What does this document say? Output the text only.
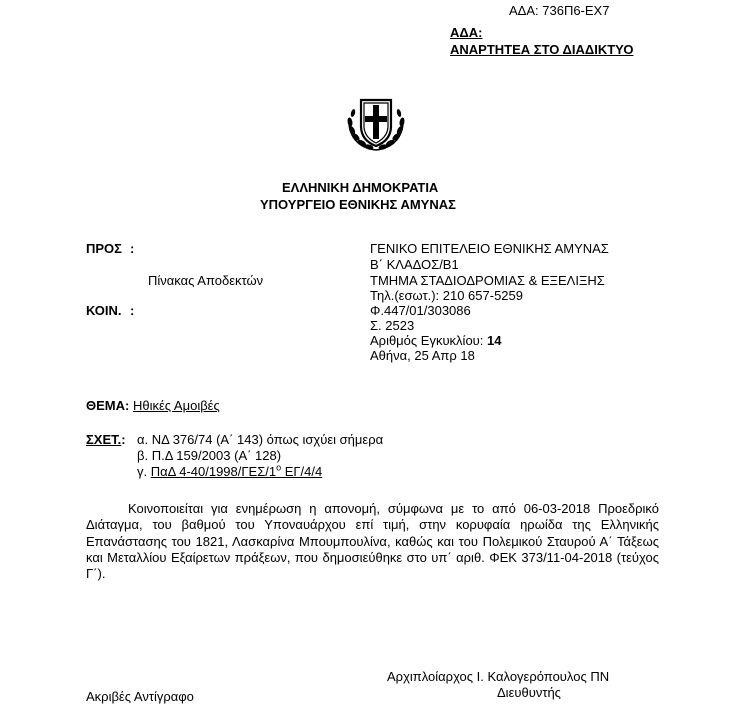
ΑΔΑ: 736Π6-ΕΧ7
ΑΔΑ:
ΑΝΑΡΤΗΤΕΑ ΣΤΟ ΔΙΑΔΙΚΤΥΟ
ΕΛΛΗΝΙΚΗ ΔΗΜΟΚΡΑΤΙΑ
ΥΠΟΥΡΓΕΙΟ ΕΘΝΙΚΗΣ ΑΜΥΝΑΣ
ΠΡΟΣ :
Πίνακας Αποδεκτών
ΚΟΙΝ. :
ΓΕΝΙΚΟ ΕΠΙΤΕΛΕΙΟ ΕΘΝΙΚΗΣ ΑΜΥΝΑΣ
Β΄ ΚΛΑΔΟΣ/Β1
ΤΜΗΜΑ ΣΤΑΔΙΟΔΡΟΜΙΑΣ & ΕΞΕΛΙΞΗΣ
Τηλ.(εσωτ.): 210 657-5259
Φ.447/01/303086
Σ. 2523
Αριθμός Εγκυκλίου: 14
Αθήνα, 25 Απρ 18
ΘΕΜΑ: Ηθικές Αμοιβές
ΣΧΕΤ.: α. ΝΔ 376/74 (Α΄ 143) όπως ισχύει σήμερα
β. Π.Δ 159/2003 (Α΄ 128)
γ. ΠαΔ $4-40/1998/\Gamma E\Sigma/1^o$ ΕΓ/4/4
Κοινοποιείται για ενημέρωση η απονομή, σύμφωνα με το από 06-03-2018 Προεδρικό Διάταγμα, του βαθμού του Υποναυάρχου επί τιμή, στην κορυφαία ηρωίδα της Ελληνικής Επανάστασης του 1821, Λασκαρίνα Μπουμπουλίνα, καθώς και του Πολεμικού Σταυρού Α΄ Τάξεως και Μεταλλίου Εξαίρετων πράξεων, που δημοσιεύθηκε στο υπ΄ αριθ. ΦΕΚ 373/11-04-2018 (τεύχος Γ΄).
Αρχιπλοίαρχος Ι. Καλογερόπουλος ΠΝ
Διευθυντής
Ακριβές Αντίγραφο
